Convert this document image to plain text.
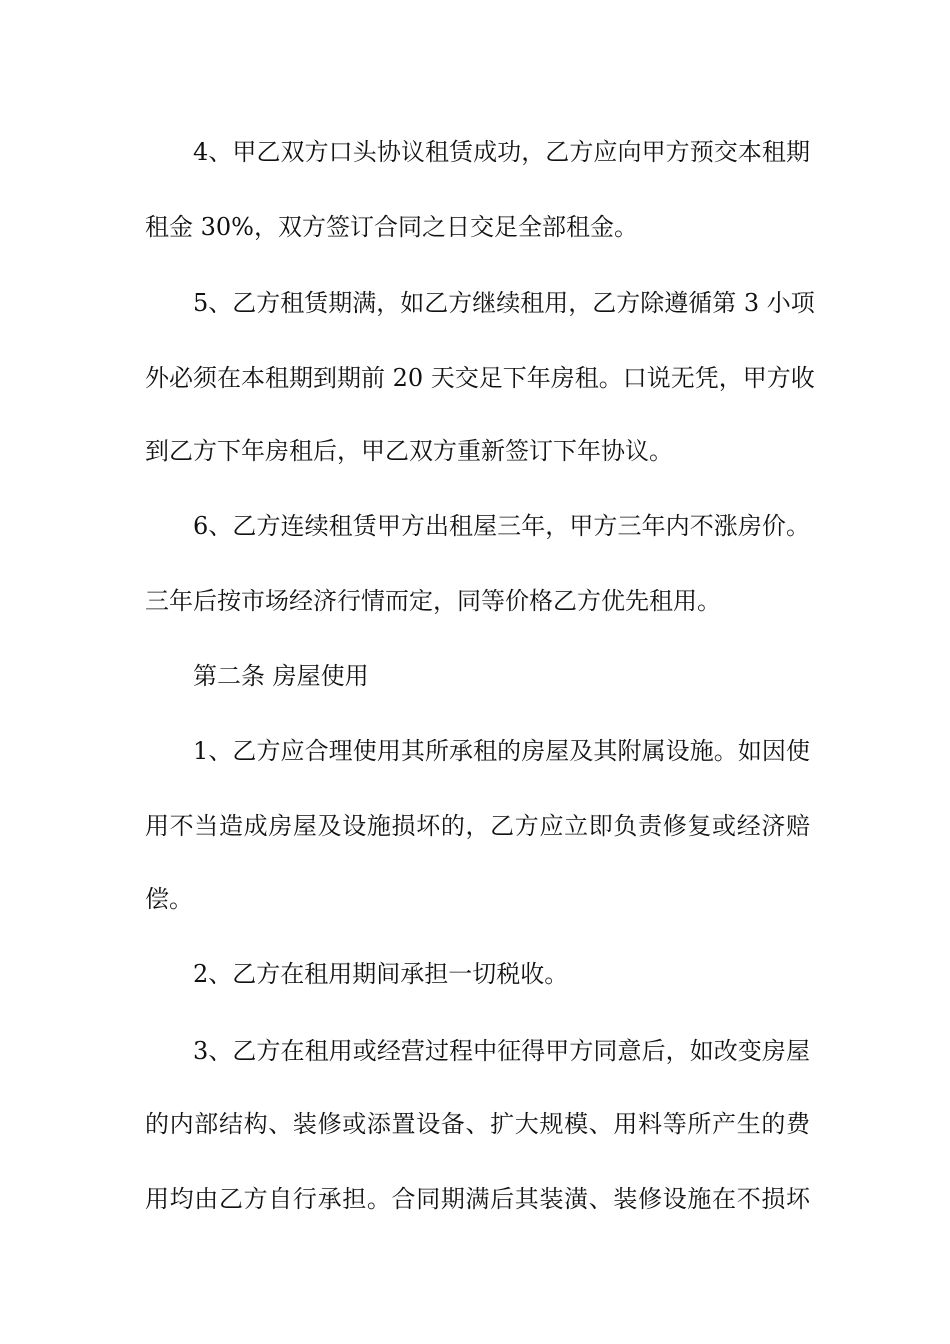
4、甲乙双方口头协议租赁成功，乙方应向甲方预交本租期
租金 30%，双方签订合同之日交足全部租金。
5、乙方租赁期满，如乙方继续租用，乙方除遵循第 3 小项
外必须在本租期到期前 20 天交足下年房租。口说无凭，甲方收
到乙方下年房租后，甲乙双方重新签订下年协议。
6、乙方连续租赁甲方出租屋三年，甲方三年内不涨房价。
三年后按市场经济行情而定，同等价格乙方优先租用。
第二条 房屋使用
1、乙方应合理使用其所承租的房屋及其附属设施。如因使
用不当造成房屋及设施损坏的，乙方应立即负责修复或经济赔
偿。
2、乙方在租用期间承担一切税收。
3、乙方在租用或经营过程中征得甲方同意后，如改变房屋
的内部结构、装修或添置设备、扩大规模、用料等所产生的费
用均由乙方自行承担。合同期满后其装潢、装修设施在不损坏
